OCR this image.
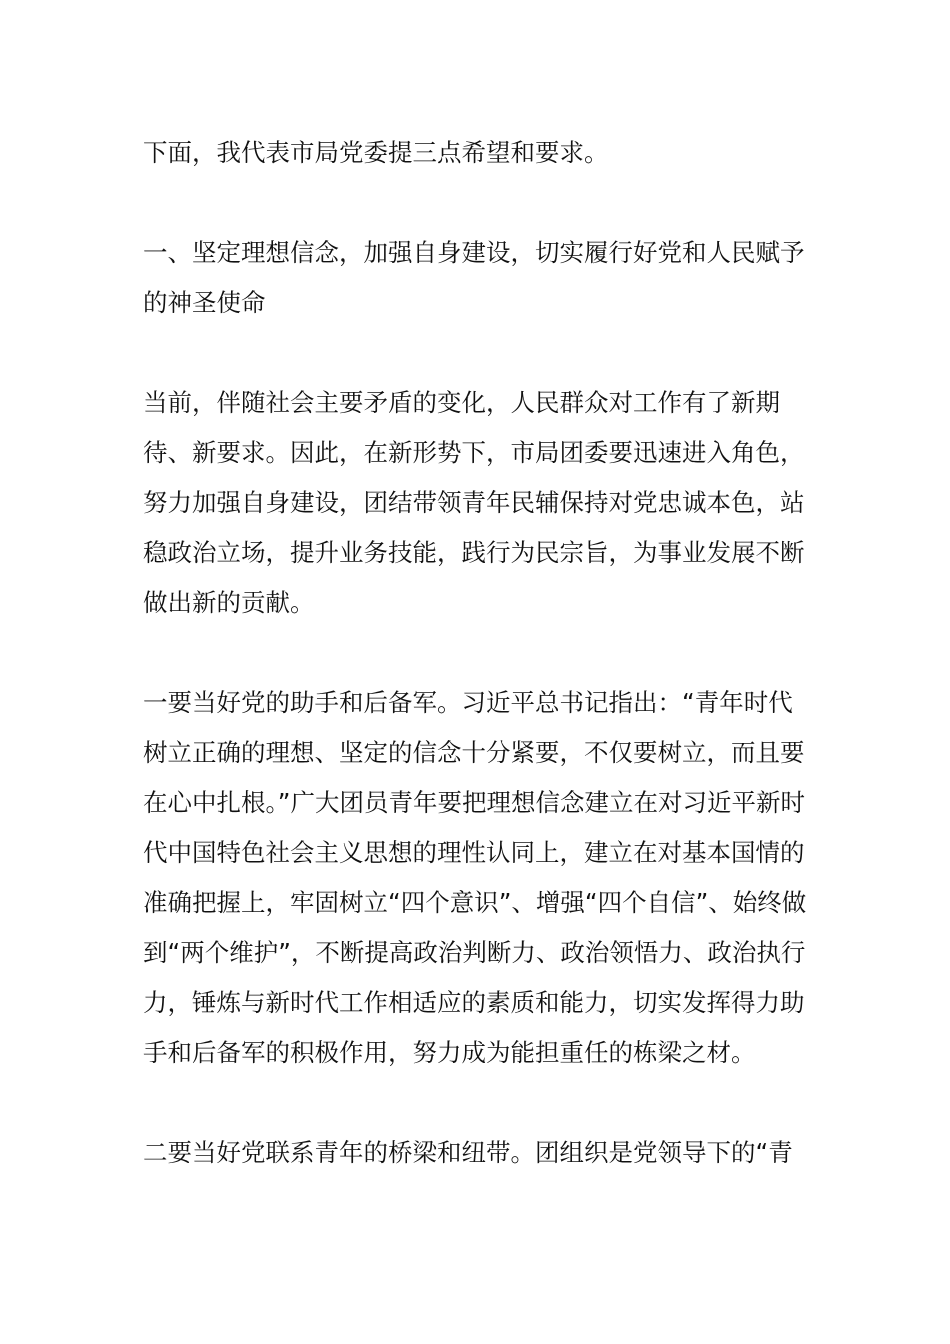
下面，我代表市局党委提三点希望和要求。

一、坚定理想信念，加强自身建设，切实履行好党和人民赋予的神圣使命

当前，伴随社会主要矛盾的变化，人民群众对工作有了新期待、新要求。因此，在新形势下，市局团委要迅速进入角色，努力加强自身建设，团结带领青年民辅保持对党忠诚本色，站稳政治立场，提升业务技能，践行为民宗旨，为事业发展不断做出新的贡献。

一要当好党的助手和后备军。习近平总书记指出：“青年时代树立正确的理想、坚定的信念十分紧要，不仅要树立，而且要在心中扎根。”广大团员青年要把理想信念建立在对习近平新时代中国特色社会主义思想的理性认同上，建立在对基本国情的准确把握上，牢固树立“四个意识”、增强“四个自信”、始终做到“两个维护”，不断提高政治判断力、政治领悟力、政治执行力，锤炼与新时代工作相适应的素质和能力，切实发挥得力助手和后备军的积极作用，努力成为能担重任的栋梁之材。

二要当好党联系青年的桥梁和纽带。团组织是党领导下的“青
